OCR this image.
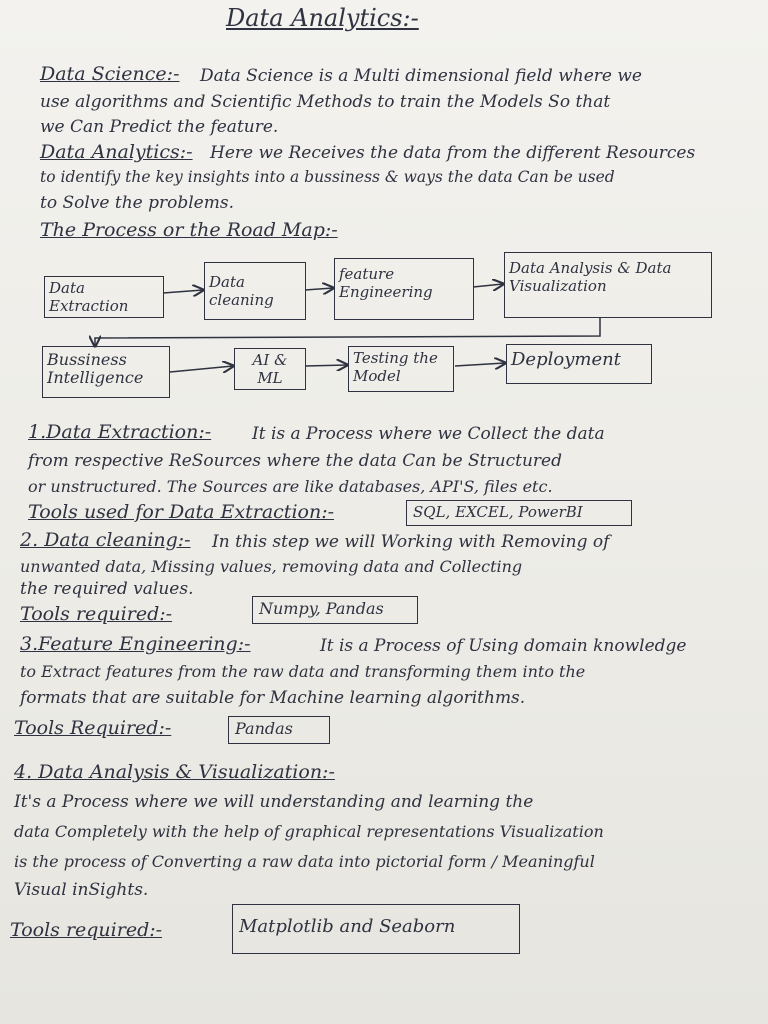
Data Analytics:-
Data Science:- Data Science is a Multi dimensional field where we
use algorithms and Scientific Methods to train the Models So that
we Can Predict the feature.
Data Analytics:- Here we Receives the data from the different Resources
to identify the key insights into a bussiness & ways the data Can be used
to Solve the problems.
The Process or the Road Map:-
Data Extraction
Data cleaning
feature Engineering
Data Analysis & Data Visualization
Bussiness Intelligence
AI & ML
Testing the Model
Deployment
1.Data Extraction:- It is a Process where we Collect the data
from respective ReSources where the data Can be Structured
or unstructured. The Sources are like databases, API'S, files etc.
Tools used for Data Extraction:-	SQL, EXCEL, PowerBI
2. Data cleaning:- In this step we will Working with Removing of
unwanted data, Missing values, removing data and Collecting
the required values.
Tools required:-	Numpy, Pandas
3.Feature Engineering:-	It is a Process of Using domain knowledge
to Extract features from the raw data and transforming them into the
formats that are suitable for Machine learning algorithms.
Tools Required:-	Pandas
4. Data Analysis & Visualization:-
It's a Process where we will understanding and learning the
data Completely with the help of graphical representations Visualization
is the process of Converting a raw data into pictorial form / Meaningful
Visual inSights.
Tools required:-	Matplotlib and Seaborn
